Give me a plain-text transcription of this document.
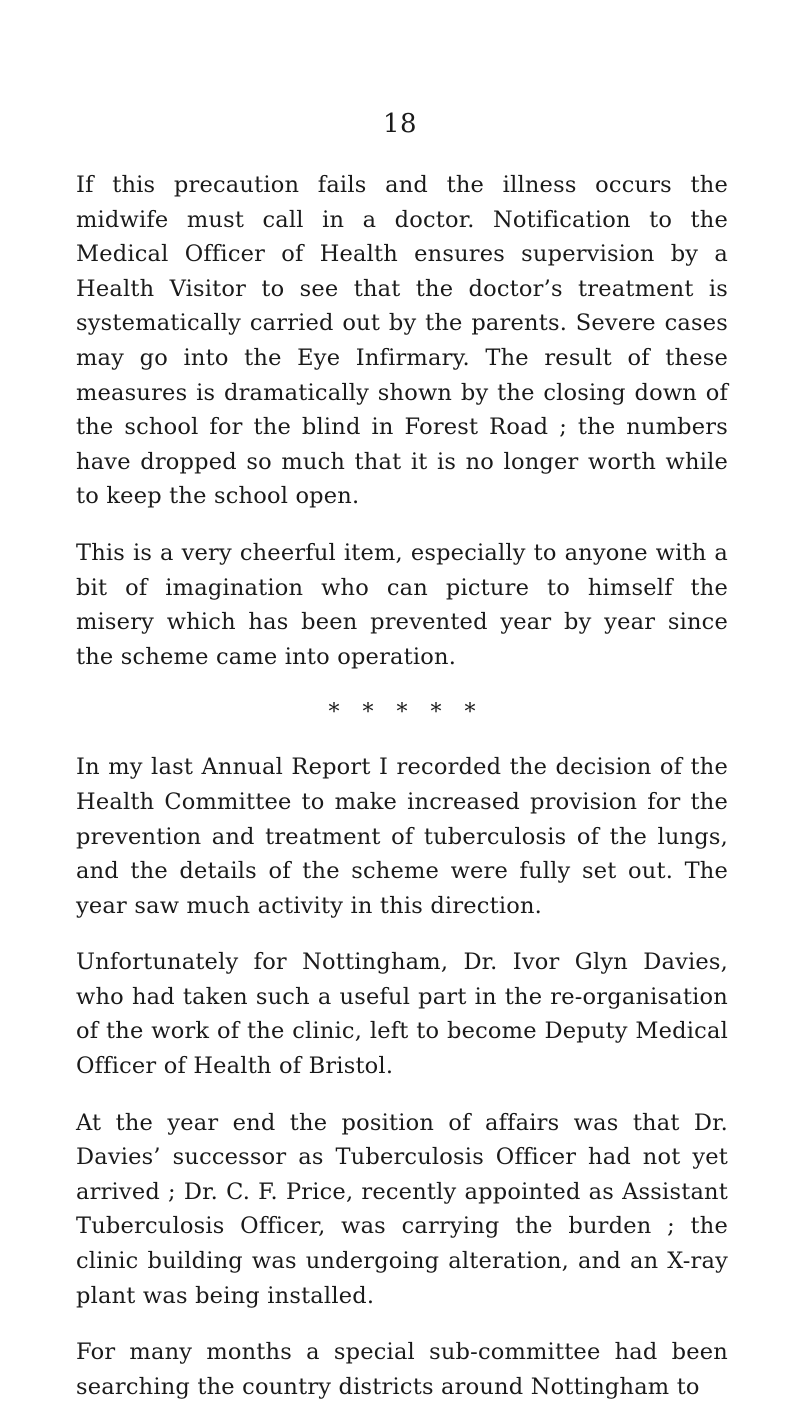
18

If this precaution fails and the illness occurs the midwife must call in a doctor. Notification to the Medical Officer of Health ensures supervision by a Health Visitor to see that the doctor’s treatment is systematically carried out by the parents. Severe cases may go into the Eye Infirmary. The result of these measures is dramatically shown by the closing down of the school for the blind in Forest Road ; the numbers have dropped so much that it is no longer worth while to keep the school open.

This is a very cheerful item, especially to anyone with a bit of imagination who can picture to himself the misery which has been prevented year by year since the scheme came into operation.

* * * * *

In my last Annual Report I recorded the decision of the Health Committee to make increased provision for the prevention and treatment of tuberculosis of the lungs, and the details of the scheme were fully set out. The year saw much activity in this direction.

Unfortunately for Nottingham, Dr. Ivor Glyn Davies, who had taken such a useful part in the re-organisation of the work of the clinic, left to become Deputy Medical Officer of Health of Bristol.

At the year end the position of affairs was that Dr. Davies’ successor as Tuberculosis Officer had not yet arrived ; Dr. C. F. Price, recently appointed as Assistant Tuberculosis Officer, was carrying the burden ; the clinic building was undergoing alteration, and an X-ray plant was being installed.

For many months a special sub-committee had been searching the country districts around Nottingham to
